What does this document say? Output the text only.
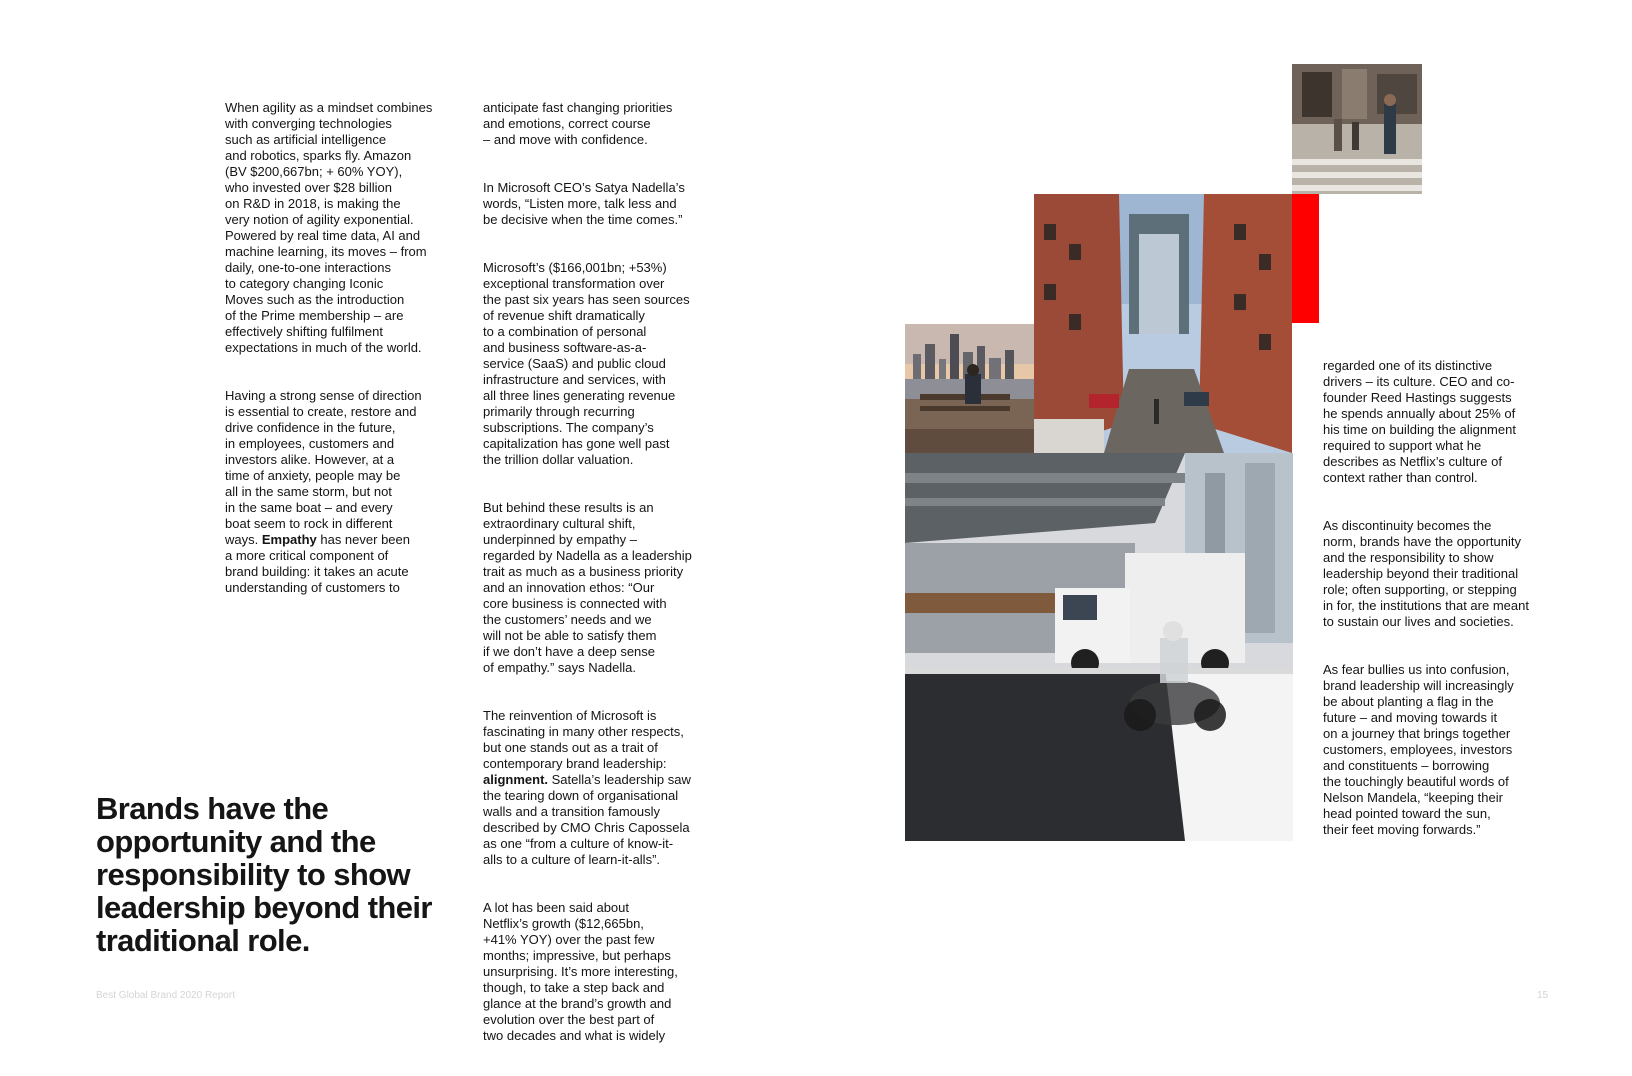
When agility as a mindset combines
with converging technologies
such as artificial intelligence
and robotics, sparks fly. Amazon
(BV $200,667bn; + 60% YOY),
who invested over $28 billion
on R&D in 2018, is making the
very notion of agility exponential.
Powered by real time data, AI and
machine learning, its moves – from
daily, one-to-one interactions
to category changing Iconic
Moves such as the introduction
of the Prime membership – are
effectively shifting fulfilment
expectations in much of the world.

Having a strong sense of direction
is essential to create, restore and
drive confidence in the future,
in employees, customers and
investors alike. However, at a
time of anxiety, people may be
all in the same storm, but not
in the same boat – and every
boat seem to rock in different
ways. Empathy has never been
a more critical component of
brand building: it takes an acute
understanding of customers to

anticipate fast changing priorities
and emotions, correct course
– and move with confidence.

In Microsoft CEO’s Satya Nadella’s
words, “Listen more, talk less and
be decisive when the time comes.”

Microsoft’s ($166,001bn; +53%)
exceptional transformation over
the past six years has seen sources
of revenue shift dramatically
to a combination of personal
and business software-as-a-
service (SaaS) and public cloud
infrastructure and services, with
all three lines generating revenue
primarily through recurring
subscriptions. The company’s
capitalization has gone well past
the trillion dollar valuation.

But behind these results is an
extraordinary cultural shift,
underpinned by empathy –
regarded by Nadella as a leadership
trait as much as a business priority
and an innovation ethos: “Our
core business is connected with
the customers’ needs and we
will not be able to satisfy them
if we don’t have a deep sense
of empathy.” says Nadella.

The reinvention of Microsoft is
fascinating in many other respects,
but one stands out as a trait of
contemporary brand leadership:
alignment. Satella’s leadership saw
the tearing down of organisational
walls and a transition famously
described by CMO Chris Capossela
as one “from a culture of know-it-
alls to a culture of learn-it-alls”.

A lot has been said about
Netflix’s growth ($12,665bn,
+41% YOY) over the past few
months; impressive, but perhaps
unsurprising. It’s more interesting,
though, to take a step back and
glance at the brand’s growth and
evolution over the best part of
two decades and what is widely

Brands have the
opportunity and the
responsibility to show
leadership beyond their
traditional role.

regarded one of its distinctive
drivers – its culture. CEO and co-
founder Reed Hastings suggests
he spends annually about 25% of
his time on building the alignment
required to support what he
describes as Netflix’s culture of
context rather than control.

As discontinuity becomes the
norm, brands have the opportunity
and the responsibility to show
leadership beyond their traditional
role; often supporting, or stepping
in for, the institutions that are meant
to sustain our lives and societies.

As fear bullies us into confusion,
brand leadership will increasingly
be about planting a flag in the
future – and moving towards it
on a journey that brings together
customers, employees, investors
and constituents – borrowing
the touchingly beautiful words of
Nelson Mandela, “keeping their
head pointed toward the sun,
their feet moving forwards.”

Best Global Brand 2020 Report	15
